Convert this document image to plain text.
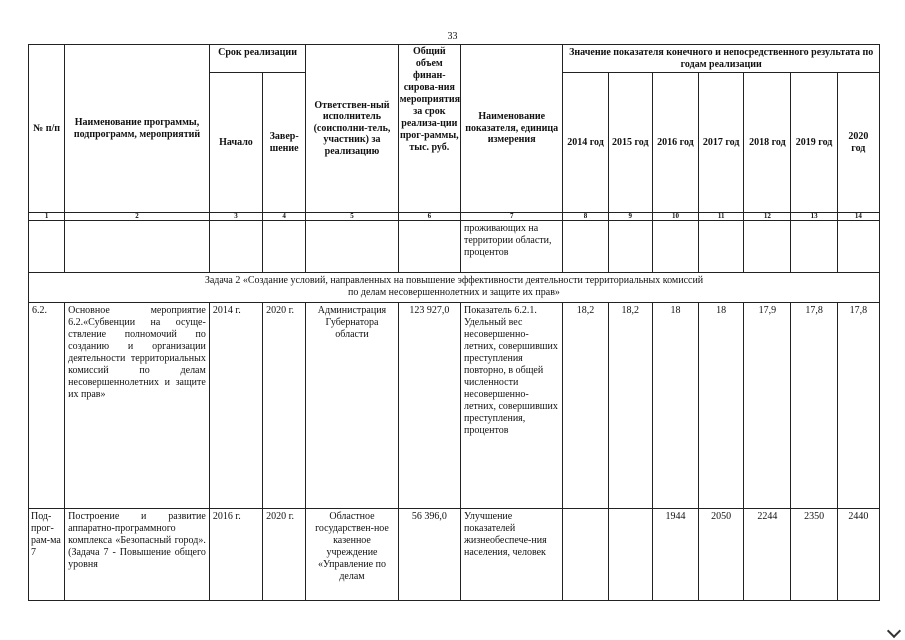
33
№ п/п	Наименование программы, подпрограмм, мероприятий	Срок реализации		Ответствен-ный исполнитель (соисполни-тель, участник) за реализацию	Общий объем финан-сирова-ния мероприятия за срок реализа-ции прог-раммы, тыс. руб.	Наименование показателя, единица измерения	Значение показателя конечного и непосредственного результата по годам реализации						
		Начало	Завер-шение				2014 год	2015 год	2016 год	2017 год	2018 год	2019 год	2020 год
1	2	3	4	5	6	7	8	9	10	11	12	13	14
						проживающих на территории области, процентов							

Задача 2 «Создание условий, направленных на повышение эффективности деятельности территориальных комиссий
по делам несовершеннолетних и защите их прав»													

6.2.	Основное мероприятие 6.2.«Субвенции на осуще-ствление полномочий по созданию и организации деятельности территориальных комиссий по делам несовершеннолетних и защите их прав»	2014 г.	2020 г.	Администрация Губернатора области	123 927,0	Показатель 6.2.1. Удельный вес несовершенно-летних, совершивших преступления повторно, в общей численности несовершенно-летних, совершивших преступления, процентов	18,2	18,2	18	18	17,9	17,8	17,8
Под-прог-рам-ма 7	Построение и развитие аппаратно-программного комплекса «Безопасный город». (Задача 7 - Повышение общего уровня	2016 г.	2020 г.	Областное государствен-ное казенное учреждение «Управление по делам	56 396,0	Улучшение показателей жизнеобеспече-ния населения, человек			1944	2050	2244	2350	2440
